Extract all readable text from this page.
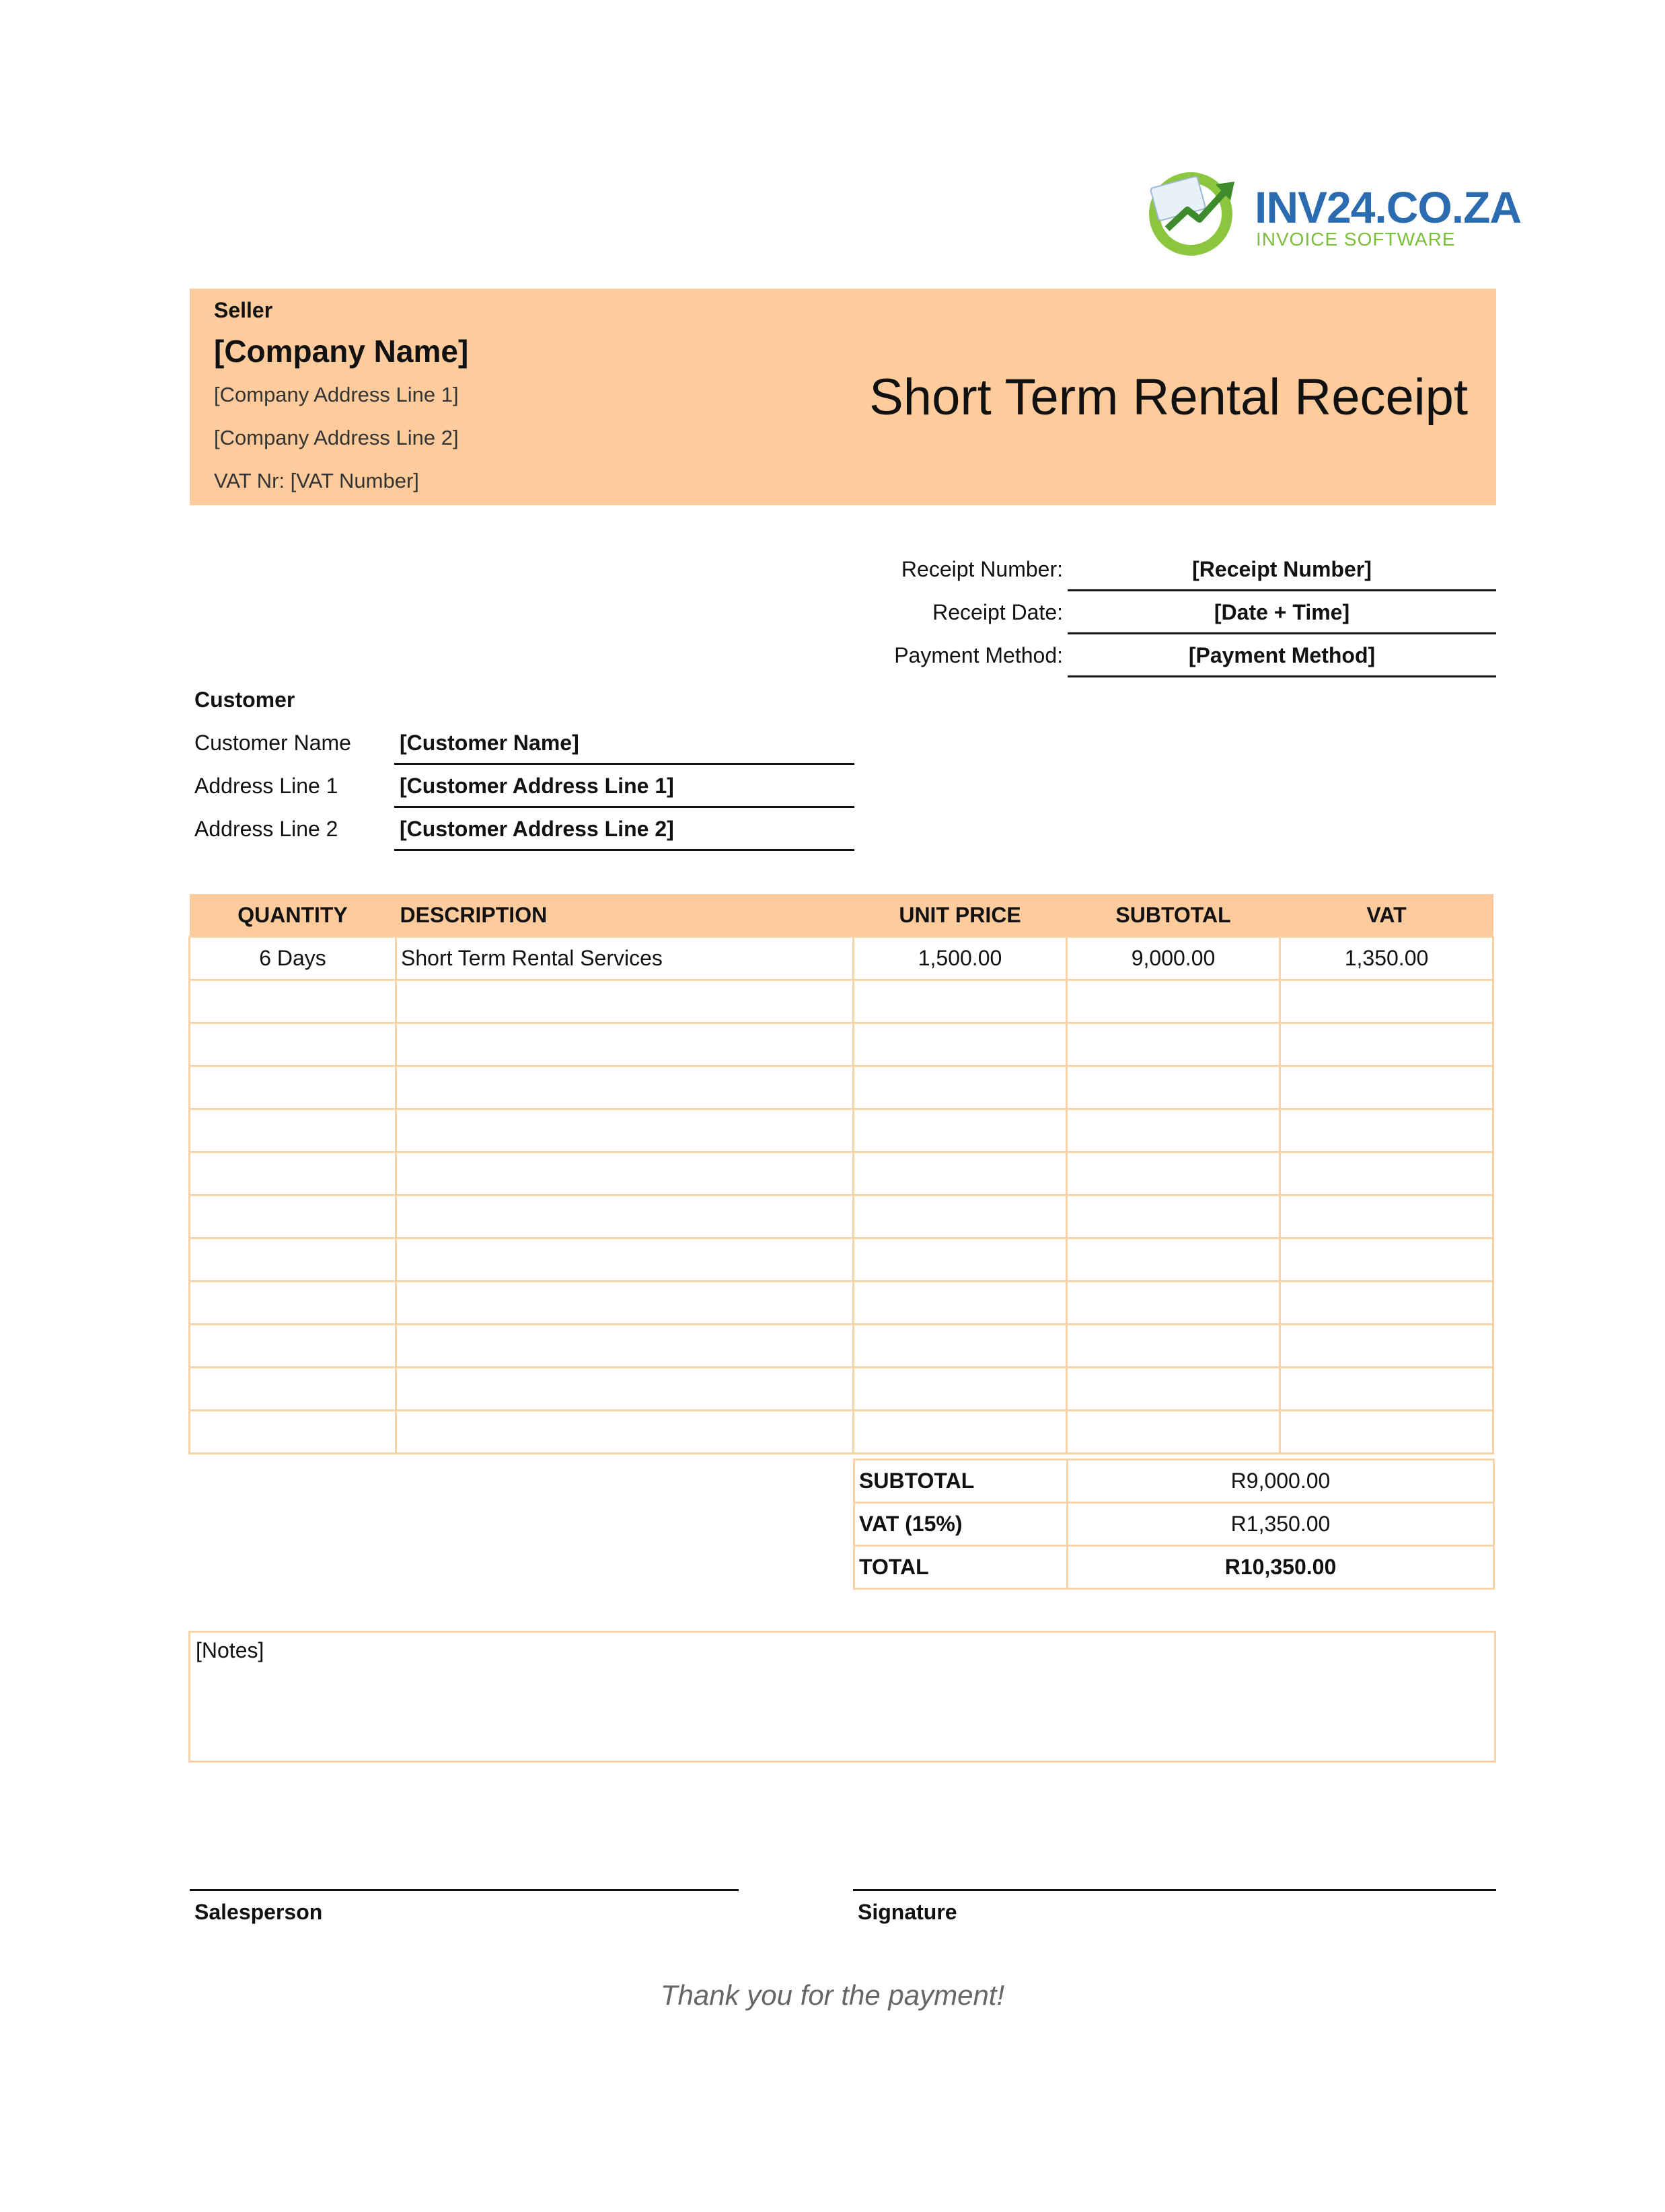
INV24.CO.ZA
INVOICE SOFTWARE
Seller
[Company Name]
[Company Address Line 1]
[Company Address Line 2]
VAT Nr: [VAT Number]
Short Term Rental Receipt
Receipt Number:	[Receipt Number]
Receipt Date:	[Date + Time]
Payment Method:	[Payment Method]
Customer
Customer Name [Customer Name]
Address Line 1	[Customer Address Line 1]
Address Line 2	[Customer Address Line 2]
QUANTITY	DESCRIPTION	UNIT PRICE	SUBTOTAL	VAT
6 Days	Short Term Rental Services	1,500.00	9,000.00	1,350.00

SUBTOTAL	R9,000.00
VAT (15%)	R1,350.00
TOTAL	R10,350.00
[Notes]
Salesperson	Signature
Thank you for the payment!
